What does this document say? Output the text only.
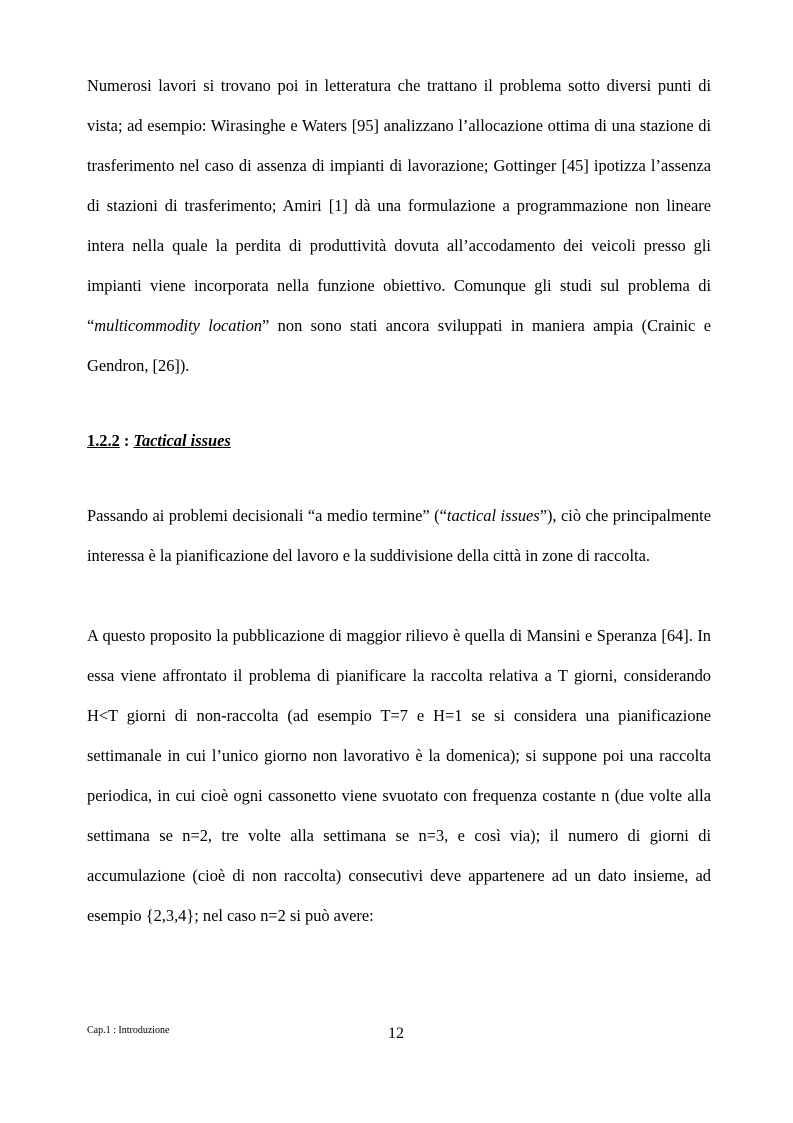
Numerosi lavori si trovano poi in letteratura che trattano il problema sotto diversi punti di vista; ad esempio: Wirasinghe e Waters [95] analizzano l’allocazione ottima di una stazione di trasferimento nel caso di assenza di impianti di lavorazione; Gottinger [45] ipotizza l’assenza di stazioni di trasferimento; Amiri [1] dà una formulazione a programmazione non lineare intera nella quale la perdita di produttività dovuta all’accodamento dei veicoli presso gli impianti viene incorporata nella funzione obiettivo. Comunque gli studi sul problema di “multicommodity location” non sono stati ancora sviluppati in maniera ampia (Crainic e Gendron, [26]).

1.2.2 : Tactical issues

Passando ai problemi decisionali “a medio termine” (“tactical issues”), ciò che principalmente interessa è la pianificazione del lavoro e la suddivisione della città in zone di raccolta.

A questo proposito la pubblicazione di maggior rilievo è quella di Mansini e Speranza [64]. In essa viene affrontato il problema di pianificare la raccolta relativa a T giorni, considerando H<T giorni di non-raccolta (ad esempio T=7 e H=1 se si considera una pianificazione settimanale in cui l’unico giorno non lavorativo è la domenica); si suppone poi una raccolta periodica, in cui cioè ogni cassonetto viene svuotato con frequenza costante n (due volte alla settimana se n=2, tre volte alla settimana se n=3, e così via); il numero di giorni di accumulazione (cioè di non raccolta) consecutivi deve appartenere ad un dato insieme, ad esempio {2,3,4}; nel caso n=2 si può avere:

Cap.1 : Introduzione	12
